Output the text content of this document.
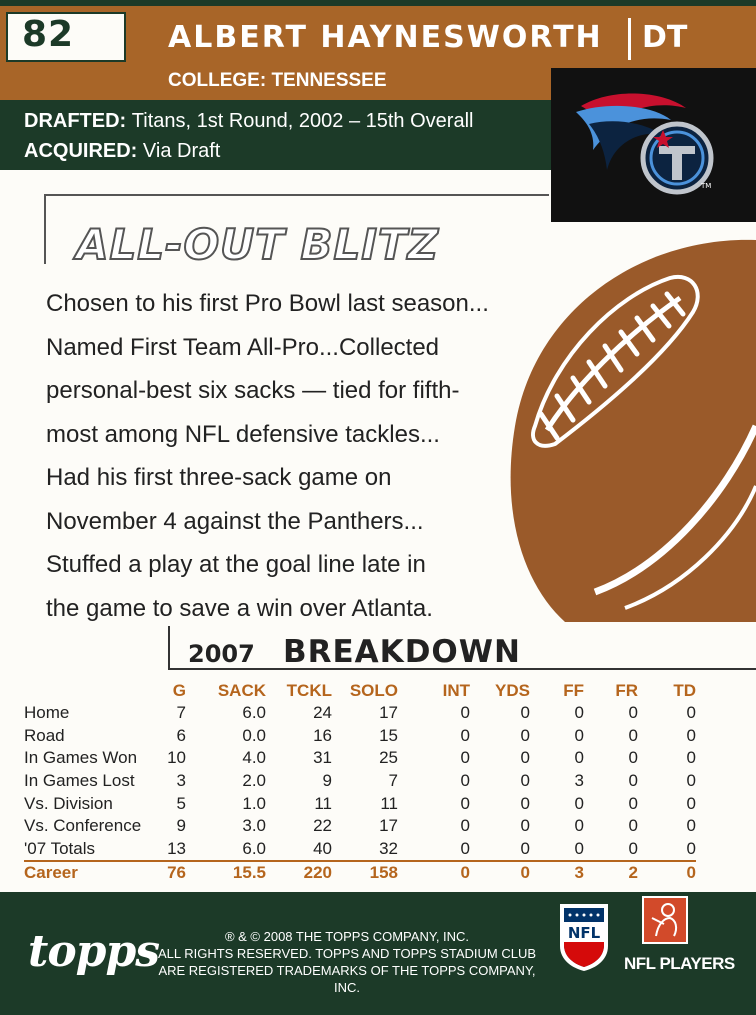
82	ALBERT HAYNESWORTH DT
COLLEGE: TENNESSEE
DRAFTED: Titans, 1st Round, 2002 – 15th Overall
ACQUIRED: Via Draft
TM
ALL-OUT BLITZ

Chosen to his first Pro Bowl last season...

Named First Team All-Pro...Collected

personal-best six sacks — tied for fifth-

most among NFL defensive tackles...

Had his first three-sack game on

November 4 against the Panthers...

Stuffed a play at the goal line late in

the game to save a win over Atlanta.

2007 BREAKDOWN
	G	SACK	TCKL	SOLO	INT	YDS	FF	FR	TD
Home	7	6.0	24	17	0	0	0	0	0
Road	6	0.0	16	15	0	0	0	0	0
In Games Won	10	4.0	31	25	0	0	0	0	0
In Games Lost	3	2.0	9	7	0	0	3	0	0
Vs. Division	5	1.0	11	11	0	0	0	0	0
Vs. Conference	9	3.0	22	17	0	0	0	0	0
'07 Totals	13	6.0	40	32	0	0	0	0	0
Career	76	15.5	220	158	0	0	3	2	0
topps	® & © 2008 THE TOPPS COMPANY, INC.
ALL RIGHTS RESERVED. TOPPS AND TOPPS STADIUM CLUB
ARE REGISTERED TRADEMARKS OF THE TOPPS COMPANY, INC.
NFL
NFL PLAYERS
